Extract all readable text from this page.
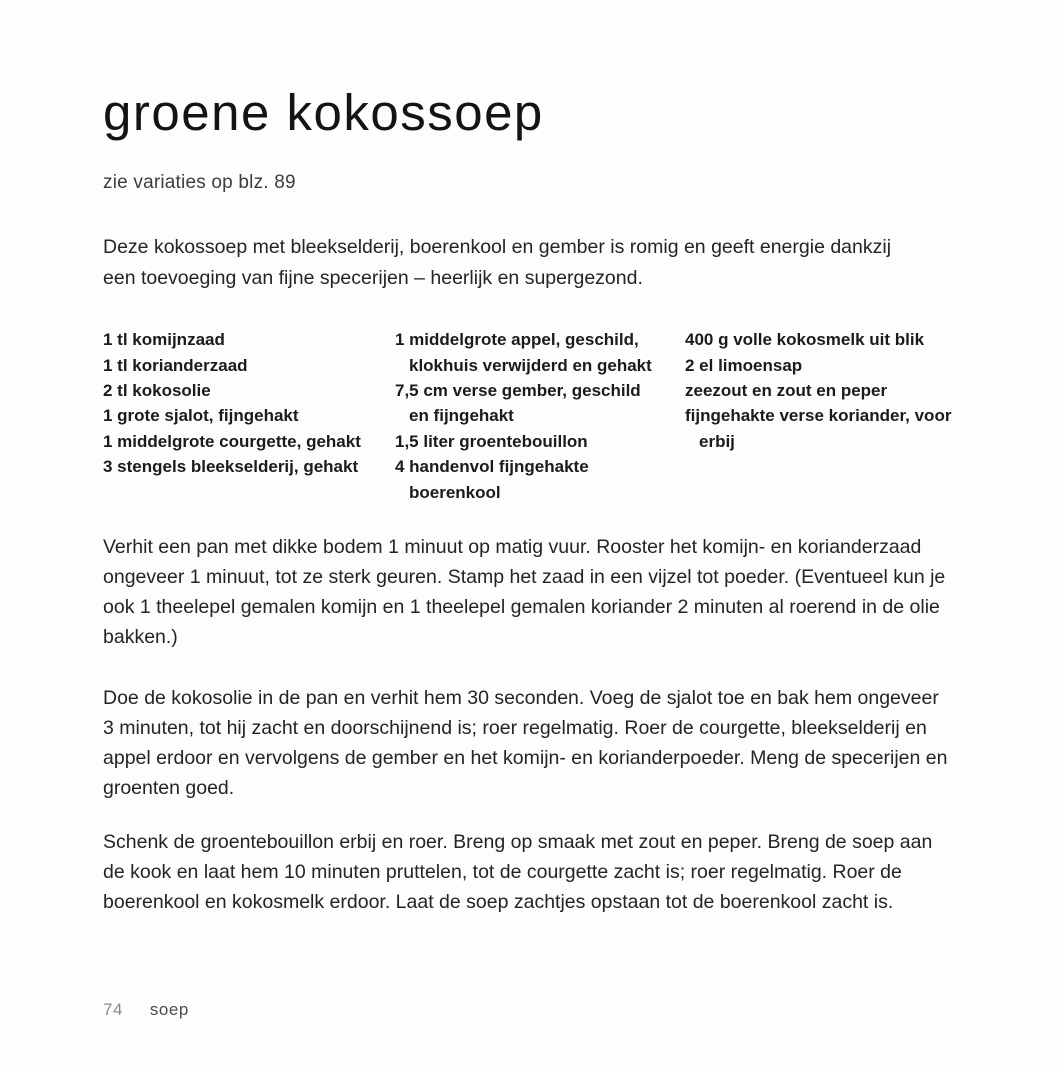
groene kokossoep

zie variaties op blz. 89

Deze kokossoep met bleekselderij, boerenkool en gember is romig en geeft energie dankzij een toevoeging van fijne specerijen – heerlijk en supergezond.

1 tl komijnzaad
1 tl korianderzaad
2 tl kokosolie
1 grote sjalot, fijngehakt
1 middelgrote courgette, gehakt
3 stengels bleekselderij, gehakt
1 middelgrote appel, geschild, klokhuis verwijderd en gehakt
7,5 cm verse gember, geschild en fijngehakt
1,5 liter groentebouillon
4 handenvol fijngehakte boerenkool
400 g volle kokosmelk uit blik
2 el limoensap
zeezout en zout en peper
fijngehakte verse koriander, voor erbij

Verhit een pan met dikke bodem 1 minuut op matig vuur. Rooster het komijn- en korianderzaad ongeveer 1 minuut, tot ze sterk geuren. Stamp het zaad in een vijzel tot poeder. (Eventueel kun je ook 1 theelepel gemalen komijn en 1 theelepel gemalen koriander 2 minuten al roerend in de olie bakken.)

Doe de kokosolie in de pan en verhit hem 30 seconden. Voeg de sjalot toe en bak hem ongeveer 3 minuten, tot hij zacht en doorschijnend is; roer regelmatig. Roer de courgette, bleekselderij en appel erdoor en vervolgens de gember en het komijn- en korianderpoeder. Meng de specerijen en groenten goed.

Schenk de groentebouillon erbij en roer. Breng op smaak met zout en peper. Breng de soep aan de kook en laat hem 10 minuten pruttelen, tot de courgette zacht is; roer regelmatig. Roer de boerenkool en kokosmelk erdoor. Laat de soep zachtjes opstaan tot de boerenkool zacht is.

74 soep
